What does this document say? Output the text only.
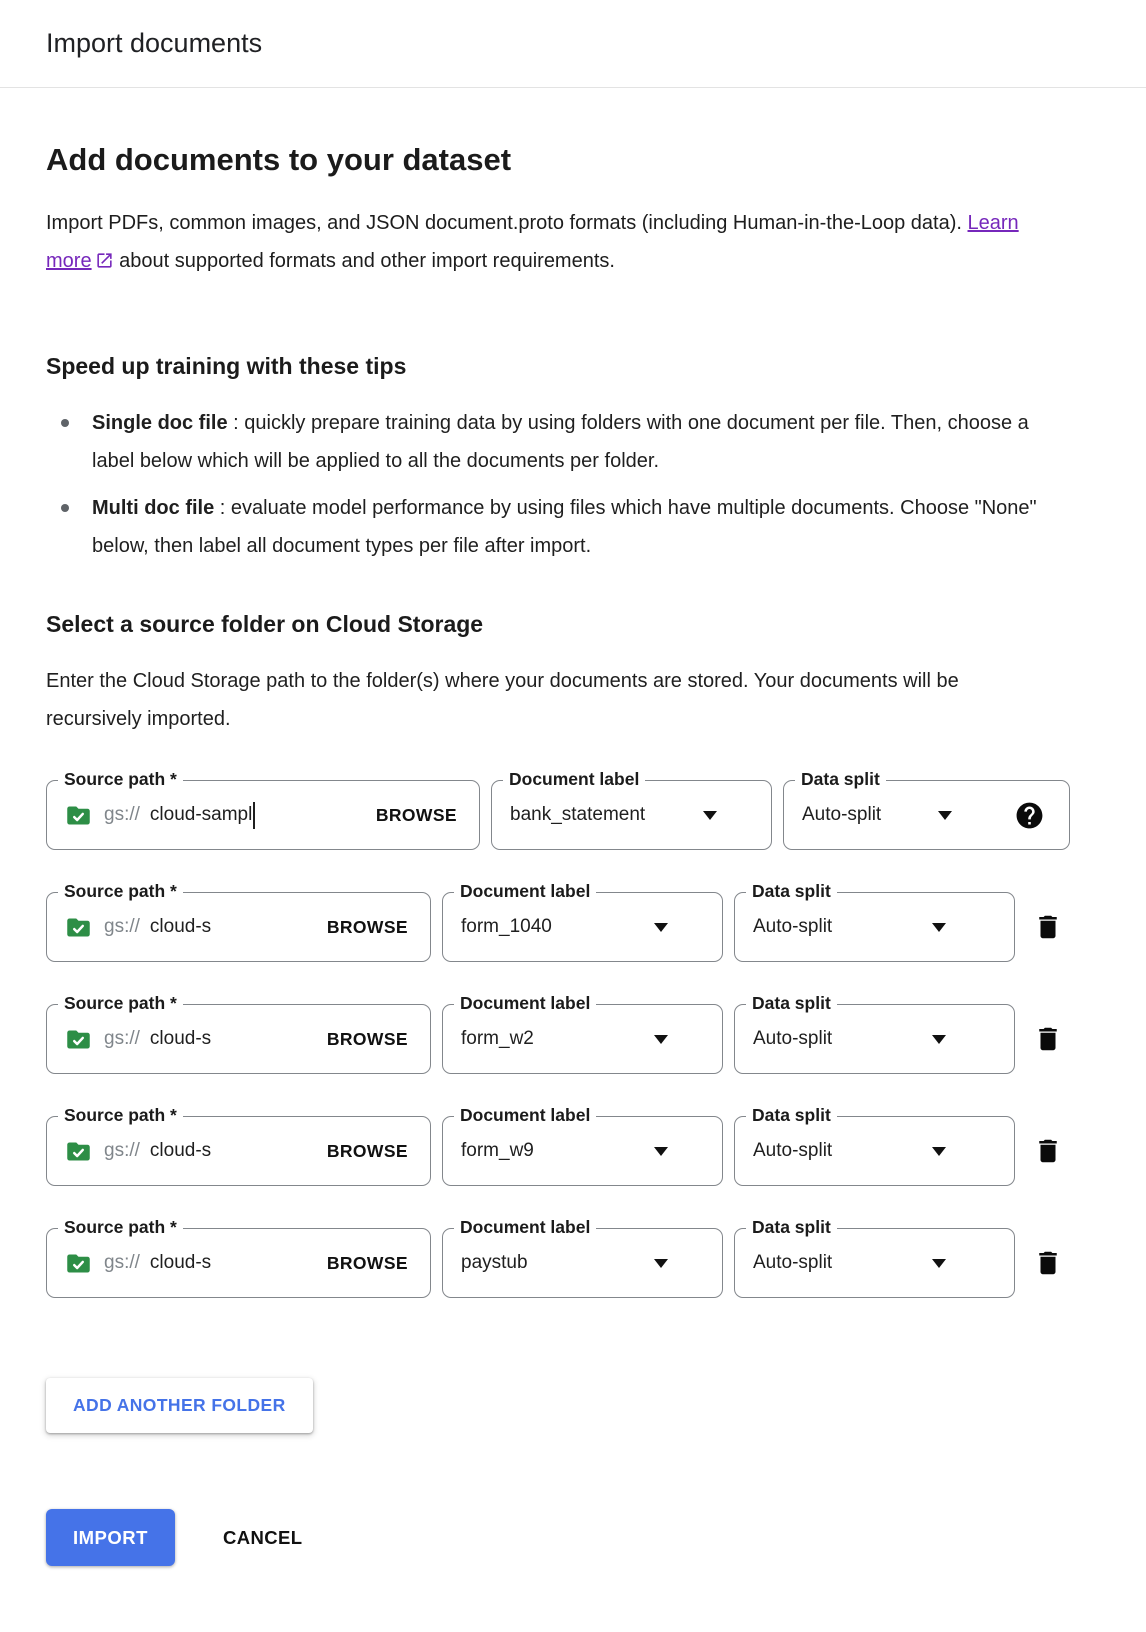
Import documents
Add documents to your dataset
Import PDFs, common images, and JSON document.proto formats (including Human-in-the-Loop data). Learn more about supported formats and other import requirements.
Speed up training with these tips
Single doc file : quickly prepare training data by using folders with one document per file. Then, choose a label below which will be applied to all the documents per folder.
Multi doc file : evaluate model performance by using files which have multiple documents. Choose "None" below, then label all document types per file after import.
Select a source folder on Cloud Storage
Enter the Cloud Storage path to the folder(s) where your documents are stored. Your documents will be recursively imported.
Source path *
gs:// cloud-sampl	BROWSE
Document label
bank_statement
Data split
Auto-split
Source path *
gs:// cloud-s	BROWSE
Document label
form_1040
Data split
Auto-split
Source path *
gs:// cloud-s	BROWSE
Document label
form_w2
Data split
Auto-split
Source path *
gs:// cloud-s	BROWSE
Document label
form_w9
Data split
Auto-split
Source path *
gs:// cloud-s	BROWSE
Document label
paystub
Data split
Auto-split
ADD ANOTHER FOLDER
IMPORT	CANCEL
